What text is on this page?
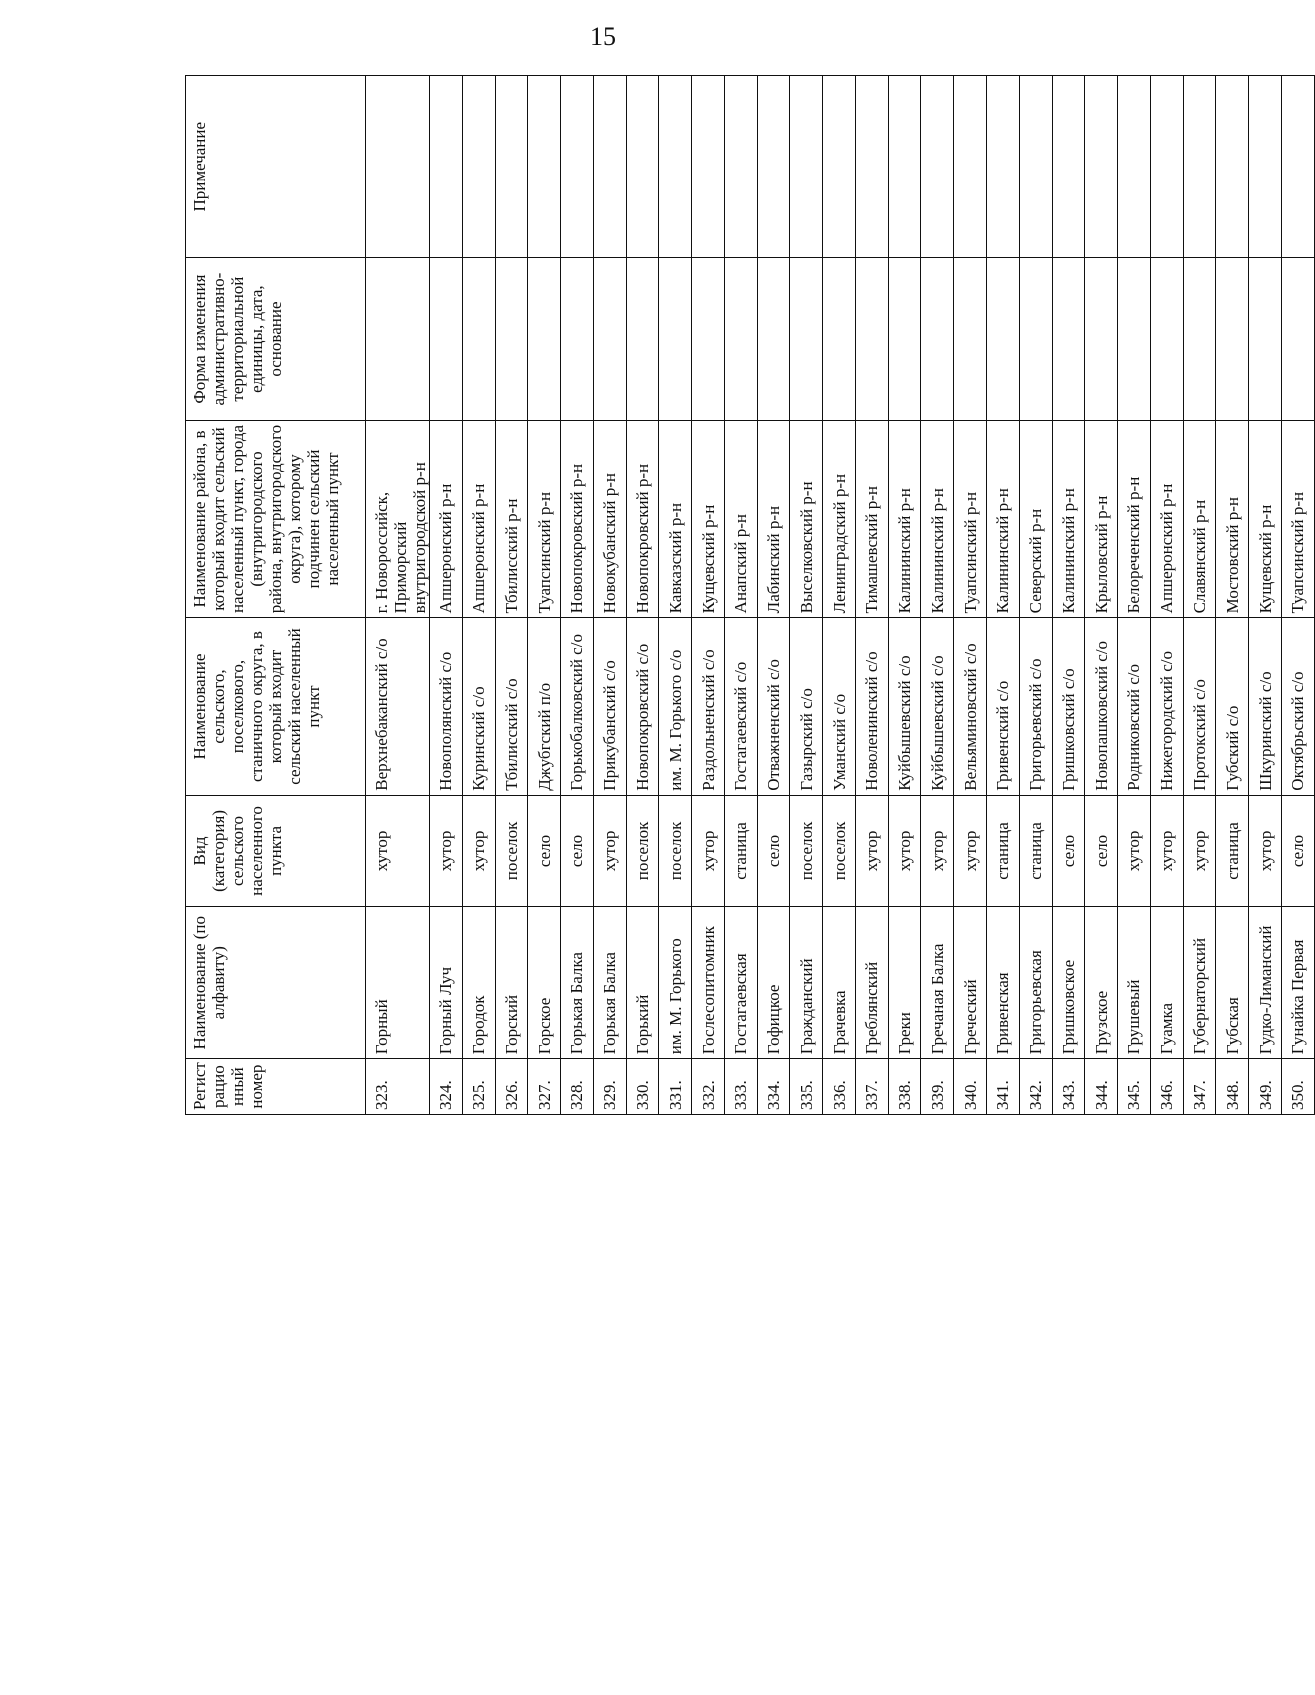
15
Регист рацио нный номер	Наименование (по алфавиту)	Вид (категория) сельского населенного пункта	Наименование сельского, поселкового, станичного округа, в который входит сельский населенный пункт	Наименование района, в который входит сельский населенный пункт, города (внутригородского района, внутригородского округа), которому подчинен сельский населенный пункт	Форма изменения административно-территориальной единицы, дата, основание	Примечание
323.	Горный	хутор	Верхнебаканский с/о	г. Новороссийск, Приморский внутригородской р-н		
324.	Горный Луч	хутор	Новополянский с/о	Апшеронский р-н		
325.	Городок	хутор	Куринский с/о	Апшеронский р-н		
326.	Горский	поселок	Тбилисский с/о	Тбилисский р-н		
327.	Горское	село	Джубгский п/о	Туапсинский р-н		
328.	Горькая Балка	село	Горькобалковский с/о	Новопокровский р-н		
329.	Горькая Балка	хутор	Прикубанский с/о	Новокубанский р-н		
330.	Горький	поселок	Новопокровский с/о	Новопокровский р-н		
331.	им. М. Горького	поселок	им. М. Горького с/о	Кавказский р-н		
332.	Гослесопитомник	хутор	Раздольненский с/о	Кущевский р-н		
333.	Гостагаевская	станица	Гостагаевский с/о	Анапский р-н		
334.	Гофицкое	село	Отважненский с/о	Лабинский р-н		
335.	Гражданский	поселок	Газырский с/о	Выселковский р-н		
336.	Грачевка	поселок	Уманский с/о	Ленинградский р-н		
337.	Греблянский	хутор	Новоленинский с/о	Тимашевский р-н		
338.	Греки	хутор	Куйбышевский с/о	Калининский р-н		
339.	Гречаная Балка	хутор	Куйбышевский с/о	Калининский р-н		
340.	Греческий	хутор	Вельяминовский с/о	Туапсинский р-н		
341.	Гривенская	станица	Гривенский с/о	Калининский р-н		
342.	Григорьевская	станица	Григорьевский с/о	Северский р-н		
343.	Гришковское	село	Гришковский с/о	Калининский р-н		
344.	Грузское	село	Новопашковский с/о	Крыловский р-н		
345.	Грушевый	хутор	Родниковский с/о	Белореченский р-н		
346.	Гуамка	хутор	Нижегородский с/о	Апшеронский р-н		
347.	Губернаторский	хутор	Протокский с/о	Славянский р-н		
348.	Губская	станица	Губский с/о	Мостовский р-н		
349.	Гудко-Лиманский	хутор	Шкуринский с/о	Кущевский р-н		
350.	Гунайка Первая	село	Октябрьский с/о	Туапсинский р-н		
